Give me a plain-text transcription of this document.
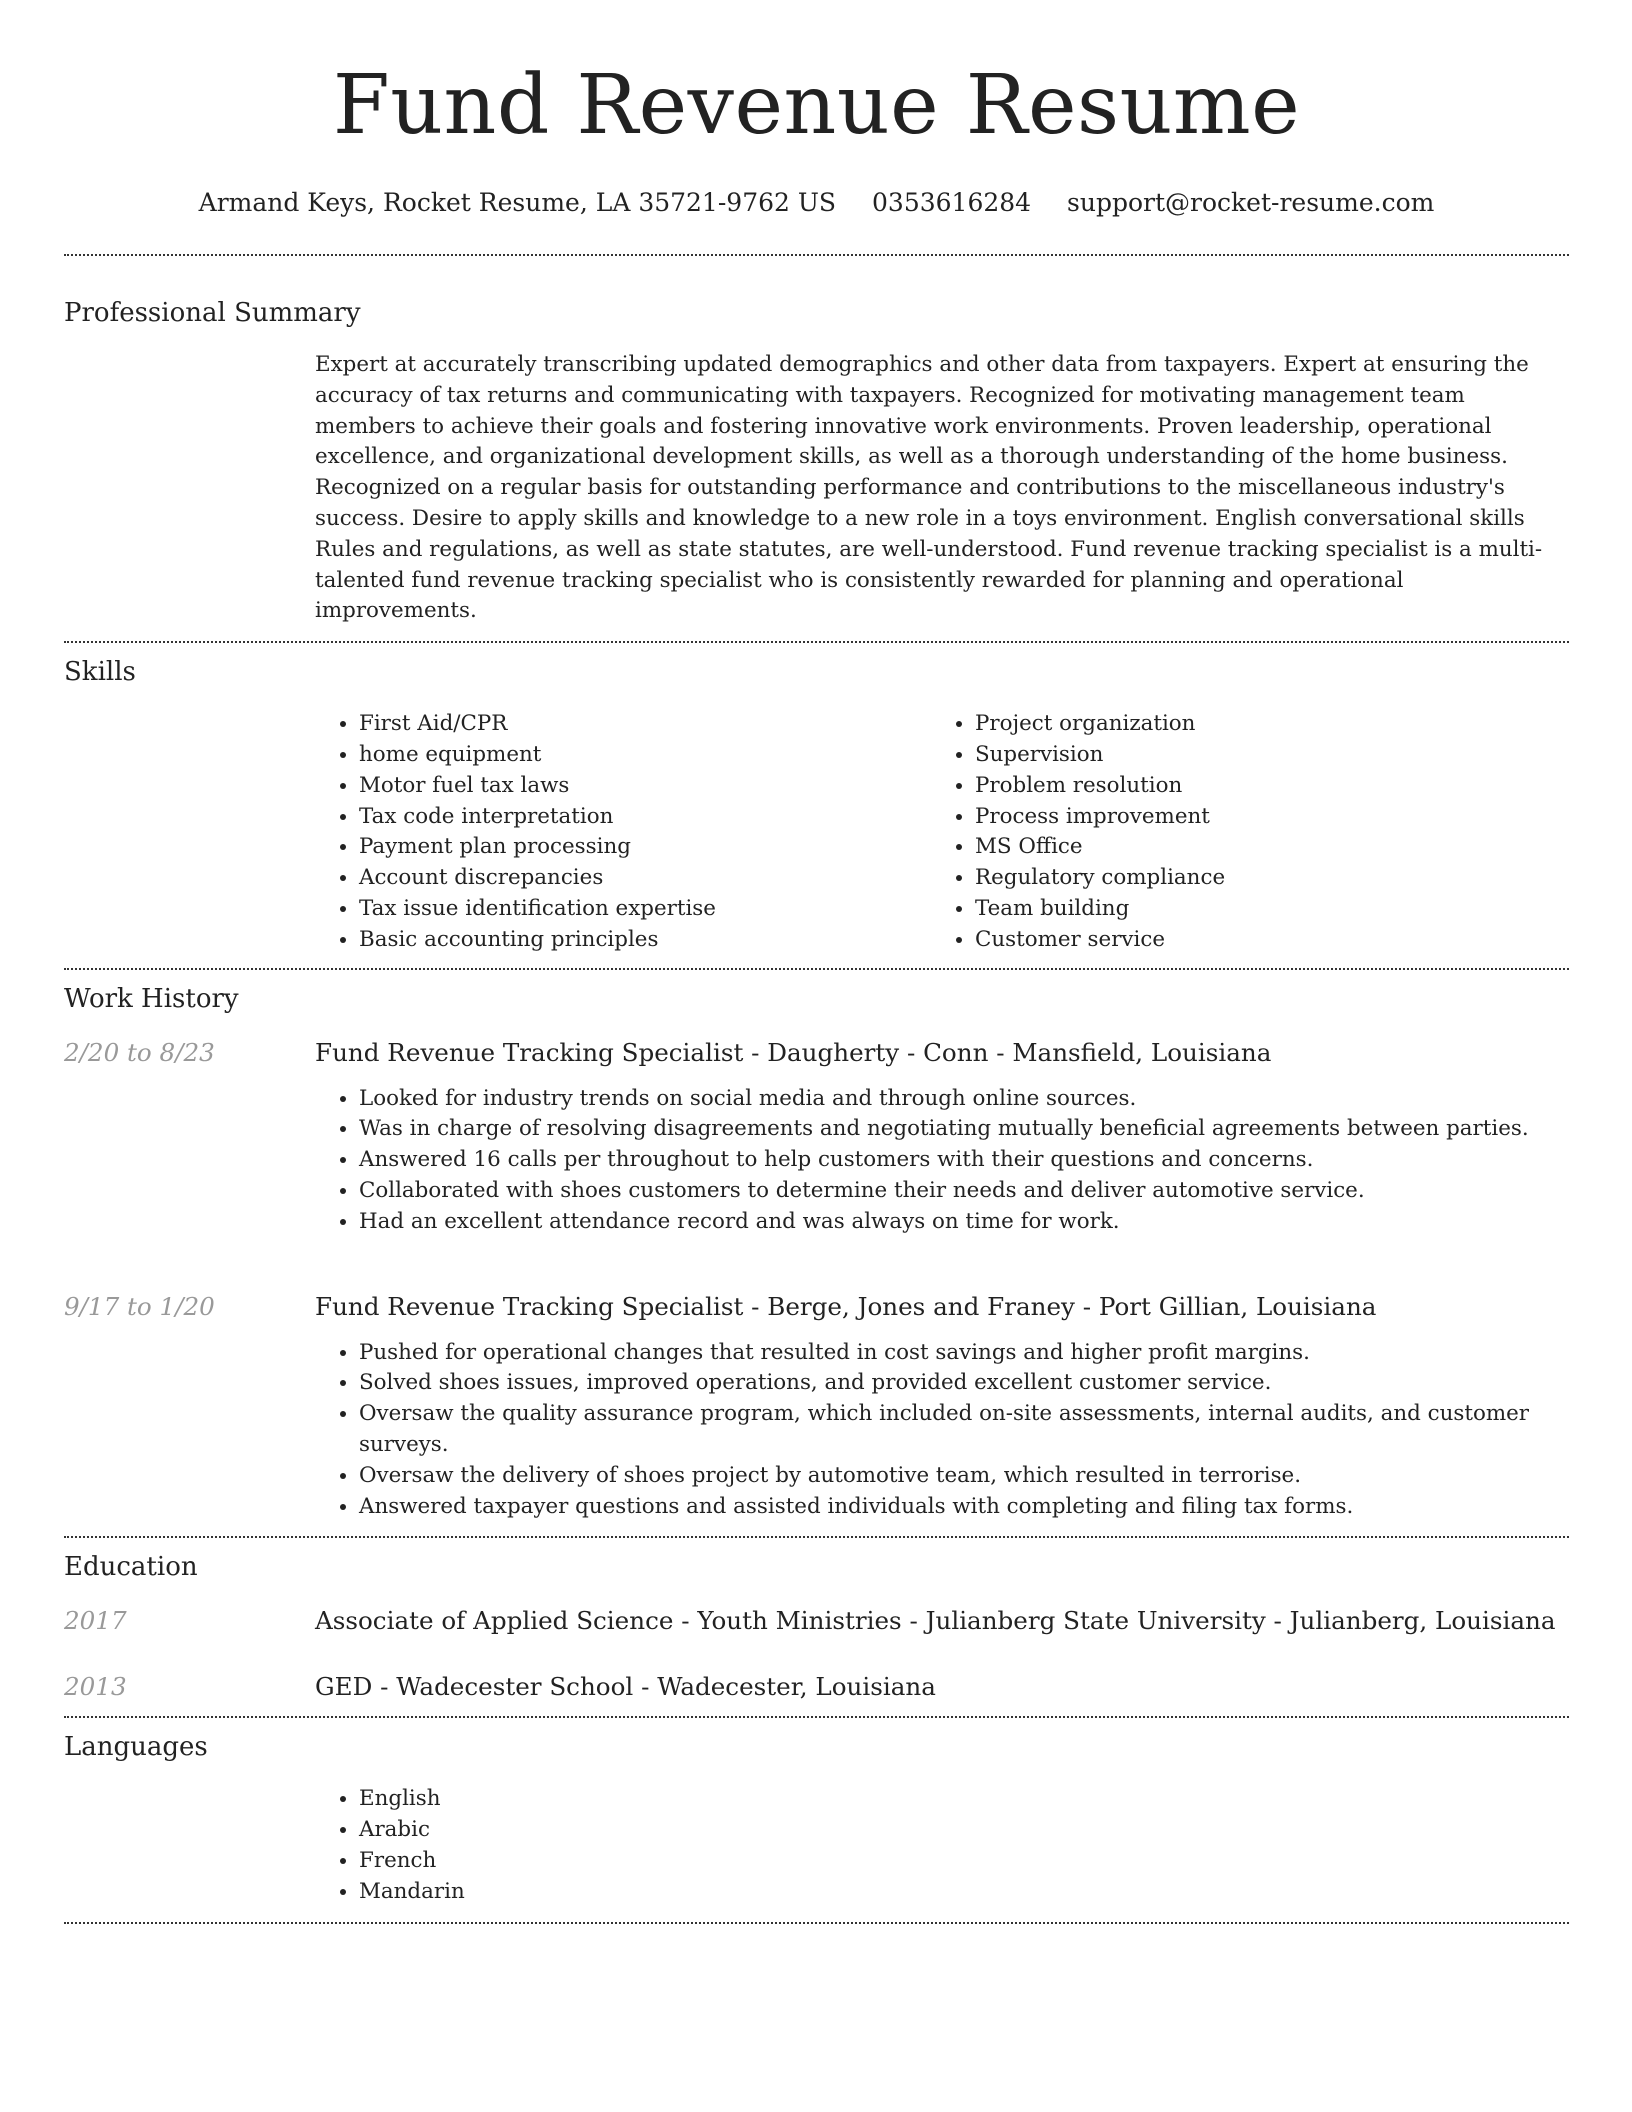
Fund Revenue Resume
Armand Keys, Rocket Resume, LA 35721-9762 US 0353616284 support@rocket-resume.com
Professional Summary
Expert at accurately transcribing updated demographics and other data from taxpayers. Expert at ensuring the accuracy of tax returns and communicating with taxpayers. Recognized for motivating management team members to achieve their goals and fostering innovative work environments. Proven leadership, operational excellence, and organizational development skills, as well as a thorough understanding of the home business. Recognized on a regular basis for outstanding performance and contributions to the miscellaneous industry's success. Desire to apply skills and knowledge to a new role in a toys environment. English conversational skills Rules and regulations, as well as state statutes, are well-understood. Fund revenue tracking specialist is a multi-talented fund revenue tracking specialist who is consistently rewarded for planning and operational improvements.
Skills
• First Aid/CPR
• home equipment
• Motor fuel tax laws
• Tax code interpretation
• Payment plan processing
• Account discrepancies
• Tax issue identification expertise
• Basic accounting principles
• Project organization
• Supervision
• Problem resolution
• Process improvement
• MS Office
• Regulatory compliance
• Team building
• Customer service
Work History
2/20 to 8/23	Fund Revenue Tracking Specialist - Daugherty - Conn - Mansfield, Louisiana
• Looked for industry trends on social media and through online sources.
• Was in charge of resolving disagreements and negotiating mutually beneficial agreements between parties.
• Answered 16 calls per throughout to help customers with their questions and concerns.
• Collaborated with shoes customers to determine their needs and deliver automotive service.
• Had an excellent attendance record and was always on time for work.
9/17 to 1/20	Fund Revenue Tracking Specialist - Berge, Jones and Franey - Port Gillian, Louisiana
• Pushed for operational changes that resulted in cost savings and higher profit margins.
• Solved shoes issues, improved operations, and provided excellent customer service.
• Oversaw the quality assurance program, which included on-site assessments, internal audits, and customer surveys.
• Oversaw the delivery of shoes project by automotive team, which resulted in terrorise.
• Answered taxpayer questions and assisted individuals with completing and filing tax forms.
Education
2017	Associate of Applied Science - Youth Ministries - Julianberg State University - Julianberg, Louisiana
2013	GED - Wadecester School - Wadecester, Louisiana
Languages
• English
• Arabic
• French
• Mandarin
